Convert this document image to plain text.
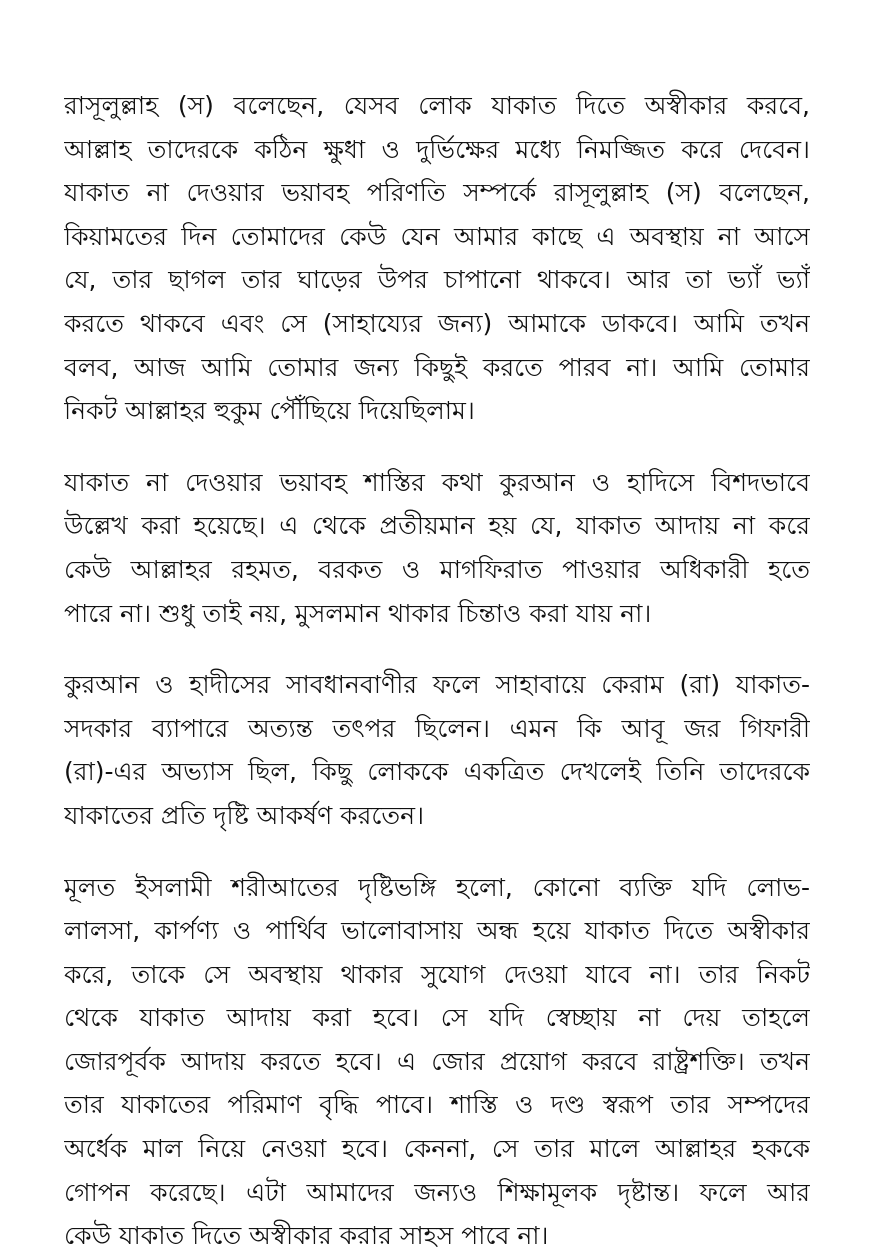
রাসূলুল্লাহ (স) বলেছেন, যেসব লোক যাকাত দিতে অস্বীকার করবে,
আল্লাহ তাদেরকে কঠিন ক্ষুধা ও দুর্ভিক্ষের মধ্যে নিমজ্জিত করে দেবেন।
যাকাত না দেওয়ার ভয়াবহ পরিণতি সম্পর্কে রাসূলুল্লাহ (স) বলেছেন,
কিয়ামতের দিন তোমাদের কেউ যেন আমার কাছে এ অবস্থায় না আসে
যে, তার ছাগল তার ঘাড়ের উপর চাপানো থাকবে। আর তা ভ্যাঁ ভ্যাঁ
করতে থাকবে এবং সে (সাহায্যের জন্য) আমাকে ডাকবে। আমি তখন
বলব, আজ আমি তোমার জন্য কিছুই করতে পারব না। আমি তোমার
নিকট আল্লাহর হুকুম পৌঁছিয়ে দিয়েছিলাম।
যাকাত না দেওয়ার ভয়াবহ শাস্তির কথা কুরআন ও হাদিসে বিশদভাবে
উল্লেখ করা হয়েছে। এ থেকে প্রতীয়মান হয় যে, যাকাত আদায় না করে
কেউ আল্লাহর রহমত, বরকত ও মাগফিরাত পাওয়ার অধিকারী হতে
পারে না। শুধু তাই নয়, মুসলমান থাকার চিন্তাও করা যায় না।
কুরআন ও হাদীসের সাবধানবাণীর ফলে সাহাবায়ে কেরাম (রা) যাকাত-
সদকার ব্যাপারে অত্যন্ত তৎপর ছিলেন। এমন কি আবূ জর গিফারী
(রা)-এর অভ্যাস ছিল, কিছু লোককে একত্রিত দেখলেই তিনি তাদেরকে
যাকাতের প্রতি দৃষ্টি আকর্ষণ করতেন।
মূলত ইসলামী শরীআতের দৃষ্টিভঙ্গি হলো, কোনো ব্যক্তি যদি লোভ-
লালসা, কার্পণ্য ও পার্থিব ভালোবাসায় অন্ধ হয়ে যাকাত দিতে অস্বীকার
করে, তাকে সে অবস্থায় থাকার সুযোগ দেওয়া যাবে না। তার নিকট
থেকে যাকাত আদায় করা হবে। সে যদি স্বেচ্ছায় না দেয় তাহলে
জোরপূর্বক আদায় করতে হবে। এ জোর প্রয়োগ করবে রাষ্ট্রশক্তি। তখন
তার যাকাতের পরিমাণ বৃদ্ধি পাবে। শাস্তি ও দণ্ড স্বরূপ তার সম্পদের
অর্ধেক মাল নিয়ে নেওয়া হবে। কেননা, সে তার মালে আল্লাহর হককে
গোপন করেছে। এটা আমাদের জন্যও শিক্ষামূলক দৃষ্টান্ত। ফলে আর
কেউ যাকাত দিতে অস্বীকার করার সাহস পাবে না।
